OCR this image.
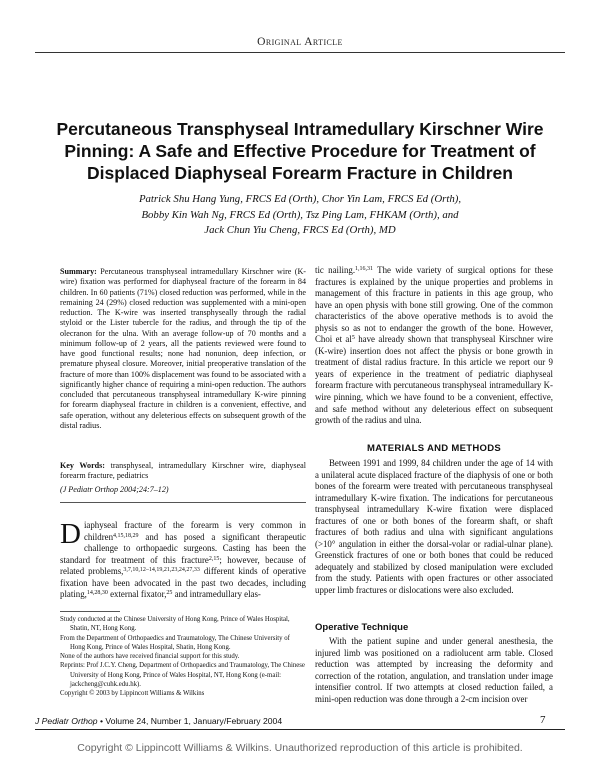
Original Article
Percutaneous Transphyseal Intramedullary Kirschner Wire Pinning: A Safe and Effective Procedure for Treatment of Displaced Diaphyseal Forearm Fracture in Children
Patrick Shu Hang Yung, FRCS Ed (Orth), Chor Yin Lam, FRCS Ed (Orth),
Bobby Kin Wah Ng, FRCS Ed (Orth), Tsz Ping Lam, FHKAM (Orth), and
Jack Chun Yiu Cheng, FRCS Ed (Orth), MD
Summary: Percutaneous transphyseal intramedullary Kirschner wire (K-wire) fixation was performed for diaphyseal fracture of the forearm in 84 children. In 60 patients (71%) closed reduction was performed, while in the remaining 24 (29%) closed reduction was supplemented with a mini-open reduction. The K-wire was inserted transphyseally through the radial styloid or the Lister tubercle for the radius, and through the tip of the olecranon for the ulna. With an average follow-up of 70 months and a minimum follow-up of 2 years, all the patients reviewed were found to have good functional results; none had nonunion, deep infection, or premature physeal closure. Moreover, initial preoperative translation of the fracture of more than 100% displacement was found to be associated with a significantly higher chance of requiring a mini-open reduction. The authors concluded that percutaneous transphyseal intramedullary K-wire pinning for forearm diaphyseal fracture in children is a convenient, effective, and safe operation, without any deleterious effects on subsequent growth of the distal radius.
Key Words: transphyseal, intramedullary Kirschner wire, diaphyseal forearm fracture, pediatrics
(J Pediatr Orthop 2004;24:7–12)
Diaphyseal fracture of the forearm is very common in children$^{4,15,18,29}$ and has posed a significant therapeutic challenge to orthopaedic surgeons. Casting has been the standard for treatment of this fracture$^{2,15}$; however, because of related problems,$^{3,7,10,12-14,19,21,23,24,27,33}$ different kinds of operative fixation have been advocated in the past two decades, including plating,$^{14,28,30}$ external fixator,$^{25}$ and intramedullary elas-

Study conducted at the Chinese University of Hong Kong, Prince of Wales Hospital, Shatin, NT, Hong Kong.

From the Department of Orthopaedics and Traumatology, The Chinese University of Hong Kong, Prince of Wales Hospital, Shatin, Hong Kong.

None of the authors have received financial support for this study.

Reprints: Prof J.C.Y. Cheng, Department of Orthopaedics and Traumatology, The Chinese University of Hong Kong, Prince of Wales Hospital, NT, Hong Kong (e-mail: jackcheng@cuhk.edu.hk).

Copyright © 2003 by Lippincott Williams & Wilkins

tic nailing.$^{1,16,31}$ The wide variety of surgical options for these fractures is explained by the unique properties and problems in management of this fracture in patients in this age group, who have an open physis with bone still growing. One of the common characteristics of the above operative methods is to avoid the physis so as not to endanger the growth of the bone. However, Choi et $al^5$ have already shown that transphyseal Kirschner wire (K-wire) insertion does not affect the physis or bone growth in treatment of distal radius fracture. In this article we report our 9 years of experience in the treatment of pediatric diaphyseal forearm fracture with percutaneous transphyseal intramedullary K-wire pinning, which we have found to be a convenient, effective, and safe method without any deleterious effect on subsequent growth of the radius and ulna.

MATERIALS AND METHODS

Between 1991 and 1999, 84 children under the age of 14 with a unilateral acute displaced fracture of the diaphysis of one or both bones of the forearm were treated with percutaneous transphyseal intramedullary K-wire fixation. The indications for percutaneous transphyseal intramedullary K-wire fixation were displaced fractures of one or both bones of the forearm shaft, or shaft fractures of both radius and ulna with significant angulations (>10° angulation in either the dorsal-volar or radial-ulnar plane). Greenstick fractures of one or both bones that could be reduced adequately and stabilized by closed manipulation were excluded from the study. Patients with open fractures or other associated upper limb fractures or dislocations were also excluded.

Operative Technique

With the patient supine and under general anesthesia, the injured limb was positioned on a radiolucent arm table. Closed reduction was attempted by increasing the deformity and correction of the rotation, angulation, and translation under image intensifier control. If two attempts at closed reduction failed, a mini-open reduction was done through a 2-cm incision over

J Pediatr Orthop • Volume 24, Number 1, January/February 2004	7
Copyright © Lippincott Williams & Wilkins. Unauthorized reproduction of this article is prohibited.
